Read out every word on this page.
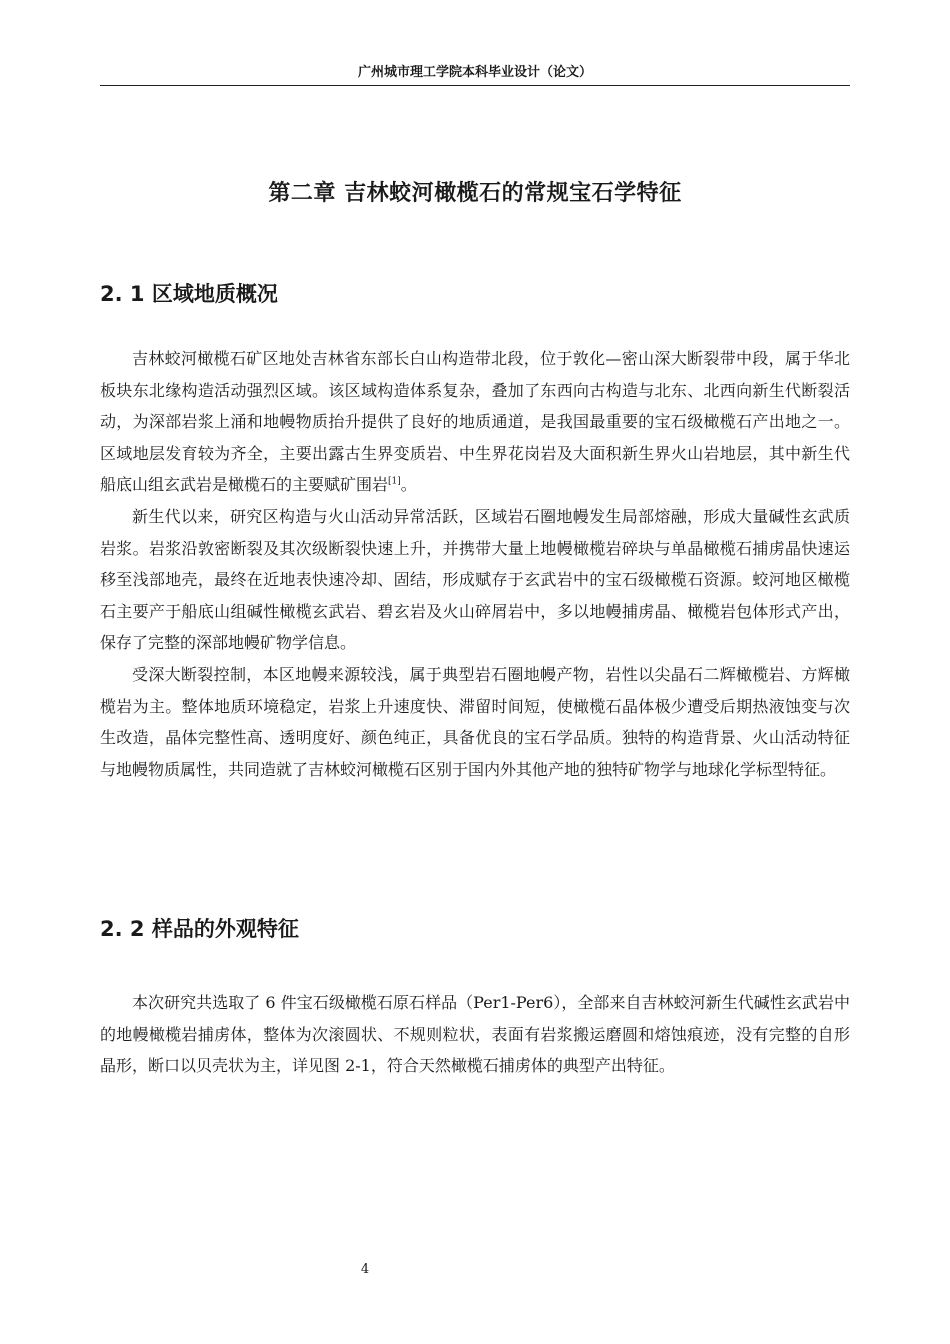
广州城市理工学院本科毕业设计（论文）
第二章 吉林蛟河橄榄石的常规宝石学特征
2. 1 区域地质概况

吉林蛟河橄榄石矿区地处吉林省东部长白山构造带北段，位于敦化—密山深大断裂带中段，属于华北板块东北缘构造活动强烈区域。该区域构造体系复杂，叠加了东西向古构造与北东、北西向新生代断裂活动，为深部岩浆上涌和地幔物质抬升提供了良好的地质通道，是我国最重要的宝石级橄榄石产出地之一。区域地层发育较为齐全，主要出露古生界变质岩、中生界花岗岩及大面积新生界火山岩地层，其中新生代船底山组玄武岩是橄榄石的主要赋矿围岩[1]。

新生代以来，研究区构造与火山活动异常活跃，区域岩石圈地幔发生局部熔融，形成大量碱性玄武质岩浆。岩浆沿敦密断裂及其次级断裂快速上升，并携带大量上地幔橄榄岩碎块与单晶橄榄石捕虏晶快速运移至浅部地壳，最终在近地表快速冷却、固结，形成赋存于玄武岩中的宝石级橄榄石资源。蛟河地区橄榄石主要产于船底山组碱性橄榄玄武岩、碧玄岩及火山碎屑岩中，多以地幔捕虏晶、橄榄岩包体形式产出，保存了完整的深部地幔矿物学信息。

受深大断裂控制，本区地幔来源较浅，属于典型岩石圈地幔产物，岩性以尖晶石二辉橄榄岩、方辉橄榄岩为主。整体地质环境稳定，岩浆上升速度快、滞留时间短，使橄榄石晶体极少遭受后期热液蚀变与次生改造，晶体完整性高、透明度好、颜色纯正，具备优良的宝石学品质。独特的构造背景、火山活动特征与地幔物质属性，共同造就了吉林蛟河橄榄石区别于国内外其他产地的独特矿物学与地球化学标型特征。

2. 2 样品的外观特征

本次研究共选取了 6 件宝石级橄榄石原石样品（Per1-Per6），全部来自吉林蛟河新生代碱性玄武岩中的地幔橄榄岩捕虏体，整体为次滚圆状、不规则粒状，表面有岩浆搬运磨圆和熔蚀痕迹，没有完整的自形晶形，断口以贝壳状为主，详见图 2-1，符合天然橄榄石捕虏体的典型产出特征。

4
